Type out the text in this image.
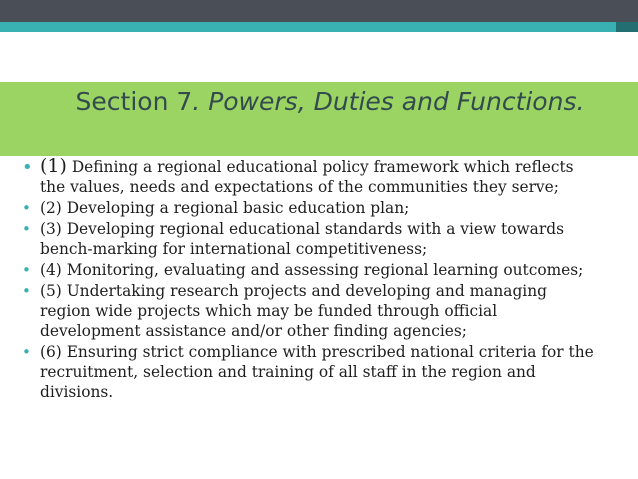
Section 7. Powers, Duties and Functions.
• (1) Defining a regional educational policy framework which reflects the values, needs and expectations of the communities they serve;
• (2) Developing a regional basic education plan;
• (3) Developing regional educational standards with a view towards bench-marking for international competitiveness;
• (4) Monitoring, evaluating and assessing regional learning outcomes;
• (5) Undertaking research projects and developing and managing region wide projects which may be funded through official development assistance and/or other finding agencies;
• (6) Ensuring strict compliance with prescribed national criteria for the recruitment, selection and training of all staff in the region and divisions.
